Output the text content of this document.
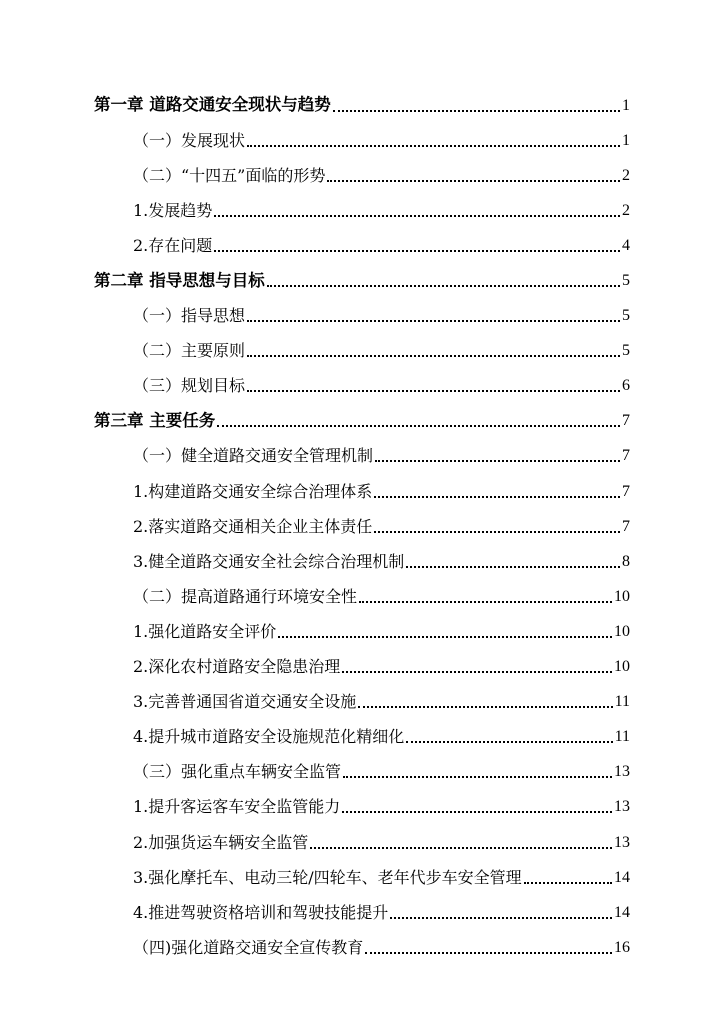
第一章 道路交通安全现状与趋势	1
（一）发展现状	1
（二）“十四五”面临的形势	2
1.发展趋势	2
2.存在问题	4
第二章 指导思想与目标	5
（一）指导思想	5
（二）主要原则	5
（三）规划目标	6
第三章 主要任务	7
（一）健全道路交通安全管理机制	7
1.构建道路交通安全综合治理体系	7
2.落实道路交通相关企业主体责任	7
3.健全道路交通安全社会综合治理机制	8
（二）提高道路通行环境安全性	10
1.强化道路安全评价	10
2.深化农村道路安全隐患治理	10
3.完善普通国省道交通安全设施	11
4.提升城市道路安全设施规范化精细化	11
（三）强化重点车辆安全监管	13
1.提升客运客车安全监管能力	13
2.加强货运车辆安全监管	13
3.强化摩托车、电动三轮/四轮车、老年代步车安全管理	14
4.推进驾驶资格培训和驾驶技能提升	14
（四)强化道路交通安全宣传教育	16
